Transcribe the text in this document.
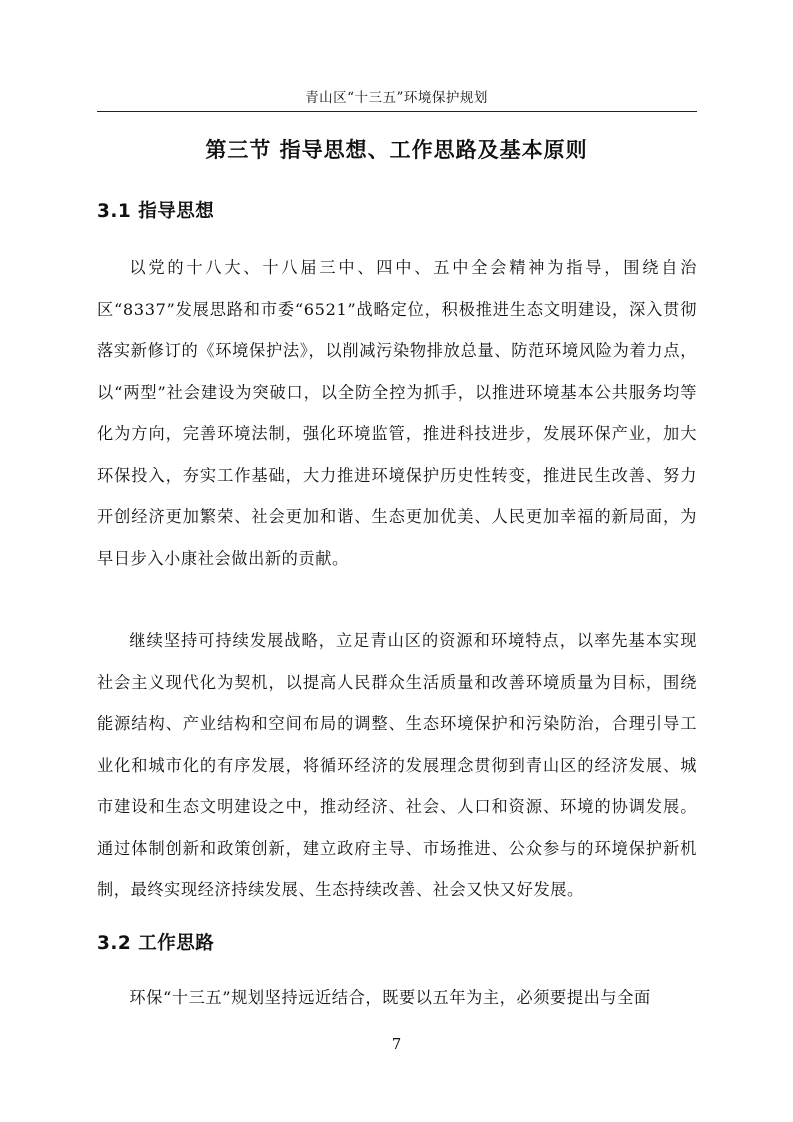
青山区“十三五”环境保护规划
第三节 指导思想、工作思路及基本原则
3.1 指导思想

以党的十八大、十八届三中、四中、五中全会精神为指导，围绕自治区“8337”发展思路和市委“6521”战略定位，积极推进生态文明建设，深入贯彻落实新修订的《环境保护法》，以削减污染物排放总量、防范环境风险为着力点，以“两型”社会建设为突破口，以全防全控为抓手，以推进环境基本公共服务均等化为方向，完善环境法制，强化环境监管，推进科技进步，发展环保产业，加大环保投入，夯实工作基础，大力推进环境保护历史性转变，推进民生改善、努力开创经济更加繁荣、社会更加和谐、生态更加优美、人民更加幸福的新局面，为早日步入小康社会做出新的贡献。

继续坚持可持续发展战略，立足青山区的资源和环境特点，以率先基本实现社会主义现代化为契机，以提高人民群众生活质量和改善环境质量为目标，围绕能源结构、产业结构和空间布局的调整、生态环境保护和污染防治，合理引导工业化和城市化的有序发展，将循环经济的发展理念贯彻到青山区的经济发展、城市建设和生态文明建设之中，推动经济、社会、人口和资源、环境的协调发展。通过体制创新和政策创新，建立政府主导、市场推进、公众参与的环境保护新机制，最终实现经济持续发展、生态持续改善、社会又快又好发展。

3.2 工作思路

环保“十三五”规划坚持远近结合，既要以五年为主，必须要提出与全面

7
